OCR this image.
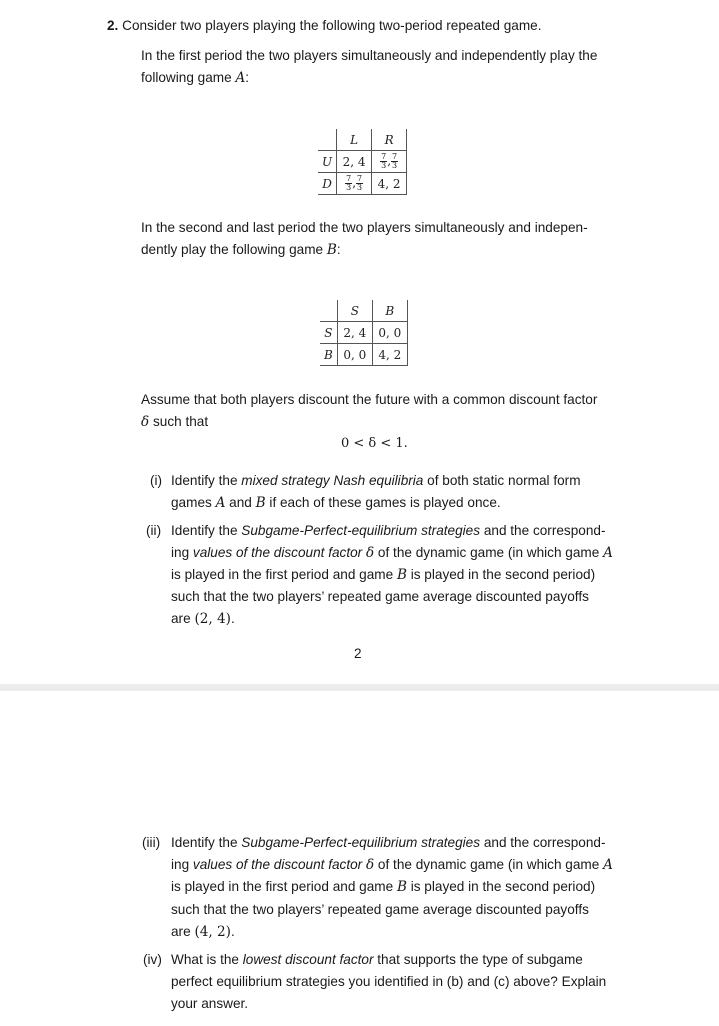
2. Consider two players playing the following two-period repeated game.
In the first period the two players simultaneously and independently play the
following game A:
	L	R
U	2, 4	$\frac{7}{3}$ , $\frac{7}{3}$

D	$\frac{7}{3}$ , $\frac{7}{3}$	4, 2
In the second and last period the two players simultaneously and indepen-
dently play the following game B:
	S	B
S	2, 4	0, 0
B	0, 0	4, 2
Assume that both players discount the future with a common discount factor
δ such that
0 < δ < 1.
(i) Identify the mixed strategy Nash equilibria of both static normal form
games A and B if each of these games is played once.
(ii) Identify the Subgame-Perfect-equilibrium strategies and the correspond-
ing values of the discount factor δ of the dynamic game (in which game A
is played in the first period and game B is played in the second period)
such that the two players’ repeated game average discounted payoffs
are (2, 4).
2
(iii) Identify the Subgame-Perfect-equilibrium strategies and the correspond-
ing values of the discount factor δ of the dynamic game (in which game A
is played in the first period and game B is played in the second period)
such that the two players’ repeated game average discounted payoffs
are (4, 2).
(iv) What is the lowest discount factor that supports the type of subgame
perfect equilibrium strategies you identified in (b) and (c) above? Explain
your answer.
